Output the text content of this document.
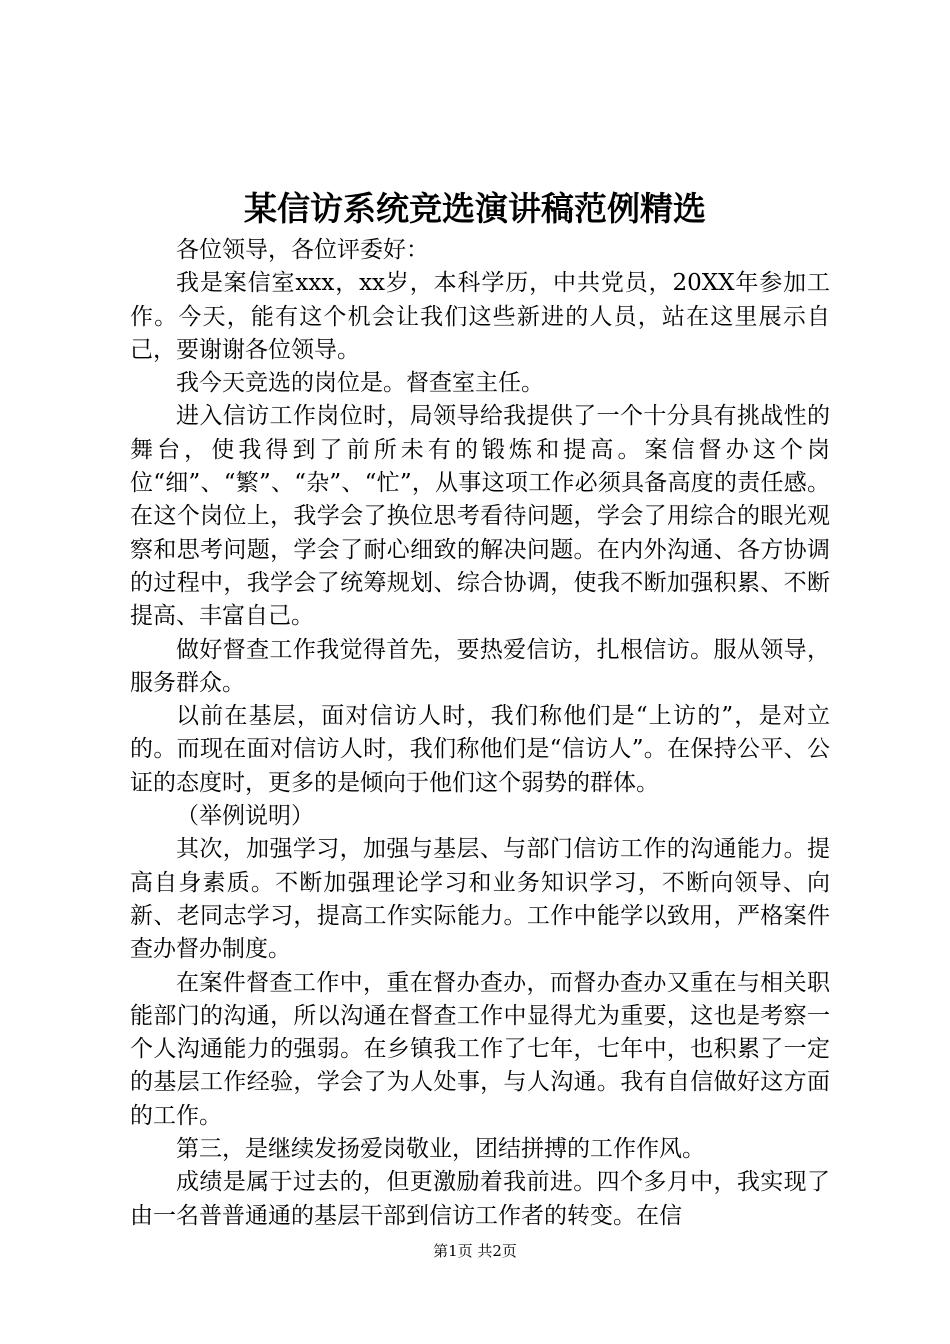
某信访系统竞选演讲稿范例精选

各位领导，各位评委好：

我是案信室xxx，xx岁，本科学历，中共党员，20XX年参加工作。今天，能有这个机会让我们这些新进的人员，站在这里展示自己，要谢谢各位领导。

我今天竞选的岗位是。督查室主任。

进入信访工作岗位时，局领导给我提供了一个十分具有挑战性的舞台，使我得到了前所未有的锻炼和提高。案信督办这个岗位“细”、“繁”、“杂”、“忙”，从事这项工作必须具备高度的责任感。在这个岗位上，我学会了换位思考看待问题，学会了用综合的眼光观察和思考问题，学会了耐心细致的解决问题。在内外沟通、各方协调的过程中，我学会了统筹规划、综合协调，使我不断加强积累、不断提高、丰富自己。

做好督查工作我觉得首先，要热爱信访，扎根信访。服从领导，服务群众。

以前在基层，面对信访人时，我们称他们是“上访的”，是对立的。而现在面对信访人时，我们称他们是“信访人”。在保持公平、公证的态度时，更多的是倾向于他们这个弱势的群体。

（举例说明）

其次，加强学习，加强与基层、与部门信访工作的沟通能力。提高自身素质。不断加强理论学习和业务知识学习，不断向领导、向新、老同志学习，提高工作实际能力。工作中能学以致用，严格案件查办督办制度。

在案件督查工作中，重在督办查办，而督办查办又重在与相关职能部门的沟通，所以沟通在督查工作中显得尤为重要，这也是考察一个人沟通能力的强弱。在乡镇我工作了七年，七年中，也积累了一定的基层工作经验，学会了为人处事，与人沟通。我有自信做好这方面的工作。

第三，是继续发扬爱岗敬业，团结拼搏的工作作风。

成绩是属于过去的，但更激励着我前进。四个多月中，我实现了由一名普普通通的基层干部到信访工作者的转变。在信

第1页 共2页
